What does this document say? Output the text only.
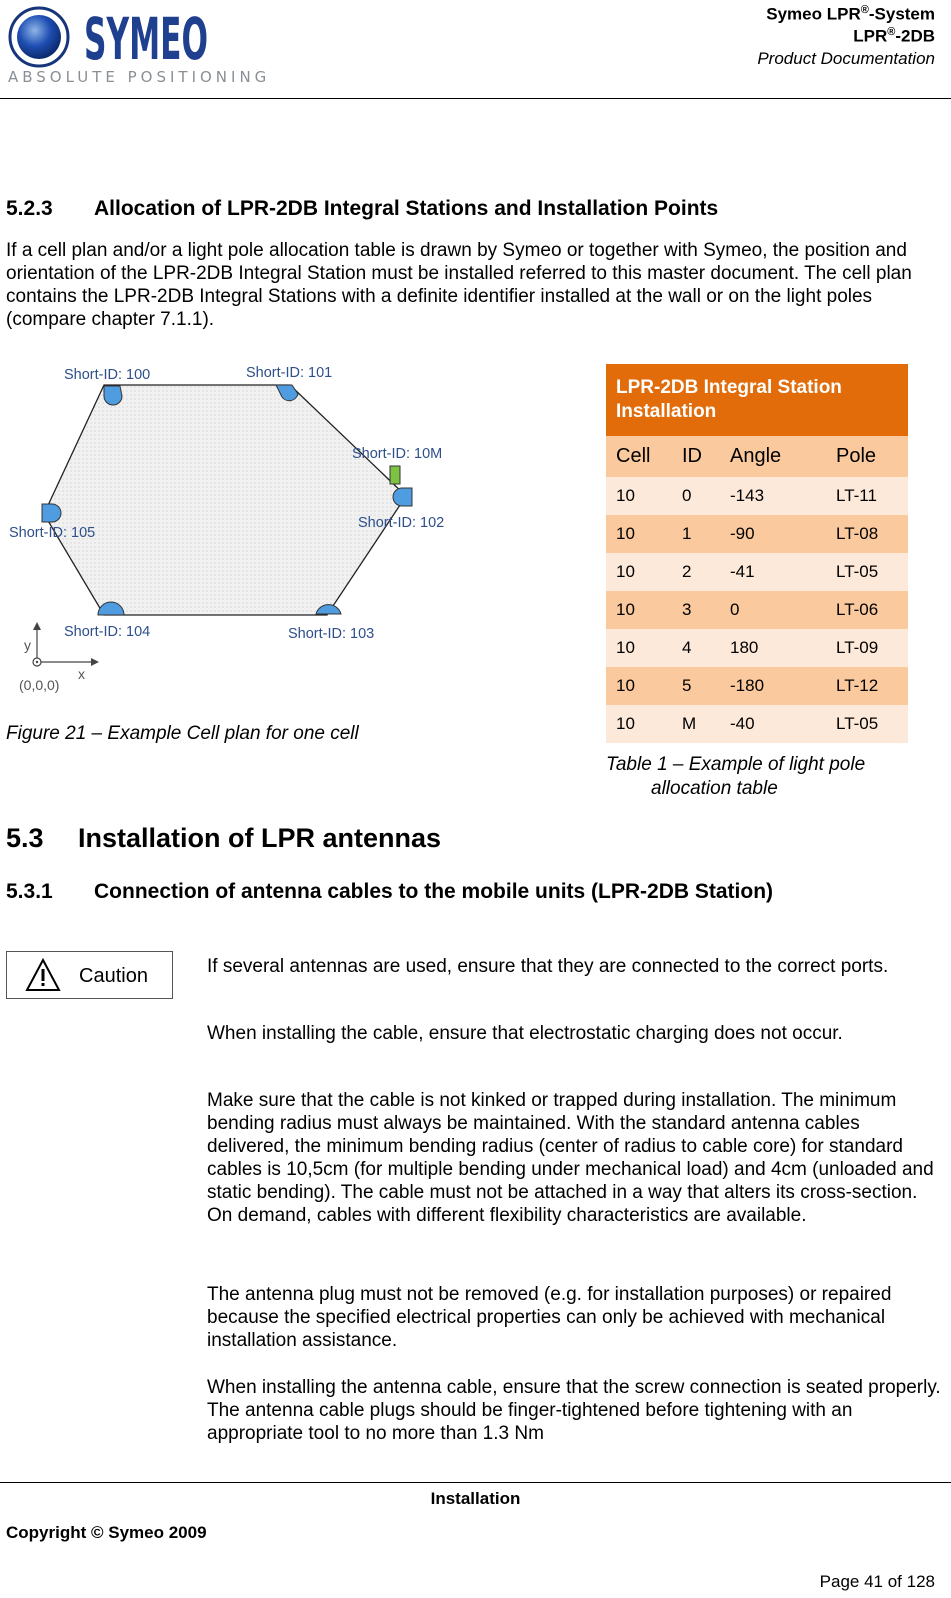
SYMEO
ABSOLUTE POSITIONING
Symeo LPR®-System
LPR®-2DB
Product Documentation
5.2.3 Allocation of LPR-2DB Integral Stations and Installation Points

If a cell plan and/or a light pole allocation table is drawn by Symeo or together with Symeo, the position and orientation of the LPR-2DB Integral Station must be installed referred to this master document. The cell plan contains the LPR-2DB Integral Stations with a definite identifier installed at the wall or on the light poles (compare chapter 7.1.1).

Short-ID: 100	Short-ID: 101
Short-ID: 10M
Short-ID: 102
Short-ID: 105
Short-ID: 104	Short-ID: 103
y
x
(0,0,0)
Figure 21 – Example Cell plan for one cell
LPR-2DB Integral Station Installation			
Cell	ID	Angle	Pole
10	0	-143	LT-11
10	1	-90	LT-08
10	2	-41	LT-05
10	3	0	LT-06
10	4	180	LT-09
10	5	-180	LT-12
10	M	-40	LT-05
Table 1 – Example of light pole
allocation table
5.3 Installation of LPR antennas
5.3.1 Connection of antenna cables to the mobile units (LPR-2DB Station)
Caution	If several antennas are used, ensure that they are connected to the correct ports.

When installing the cable, ensure that electrostatic charging does not occur.

Make sure that the cable is not kinked or trapped during installation. The minimum bending radius must always be maintained. With the standard antenna cables delivered, the minimum bending radius (center of radius to cable core) for standard cables is 10,5cm (for multiple bending under mechanical load) and 4cm (unloaded and static bending). The cable must not be attached in a way that alters its cross-section. On demand, cables with different flexibility characteristics are available.

The antenna plug must not be removed (e.g. for installation purposes) or repaired because the specified electrical properties can only be achieved with mechanical installation assistance.

When installing the antenna cable, ensure that the screw connection is seated properly. The antenna cable plugs should be finger-tightened before tightening with an appropriate tool to no more than 1.3 Nm

Installation
Copyright © Symeo 2009
Page 41 of 128
